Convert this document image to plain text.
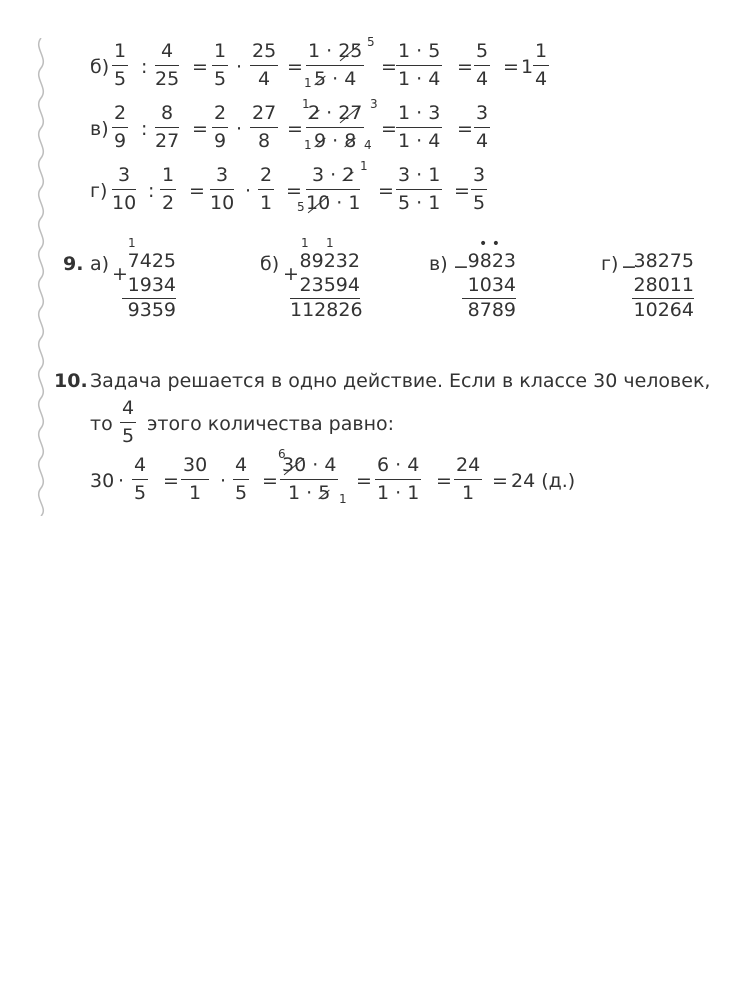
б)
1
5
:
4
25
=
1
5
·
25
4
=
1 · 25
5 · 4
5
1
=
1 · 5
1 · 4
=
5
4
= 1
1
4
в)
2
9
:
8
27
=
2
9
·
27
8
=
2 · 27
9 · 8
1	3
1	4
=
1 · 3
1 · 4
=
3
4
г)
3
10
:
1
2
=
3
10
·
2
1
=
3 · 2
10 · 1
1
5
=
3 · 1
5 · 1
=
3
5
9. а)
1
+
7425
1934
9359
б)
1 1
+
89232
23594
112826
в)
• •
−
9823
1034
8789
г) −
38275
28011
10264
10. Задача решается в одно действие. Если в классе 30 человек,
то
4
5
этого количества равно:
30 ·
4
5
=
30
1
·
4
5
=
30 · 4
1 · 5
6
1
=
6 · 4
1 · 1
=
24
1
= 24 (д.)
